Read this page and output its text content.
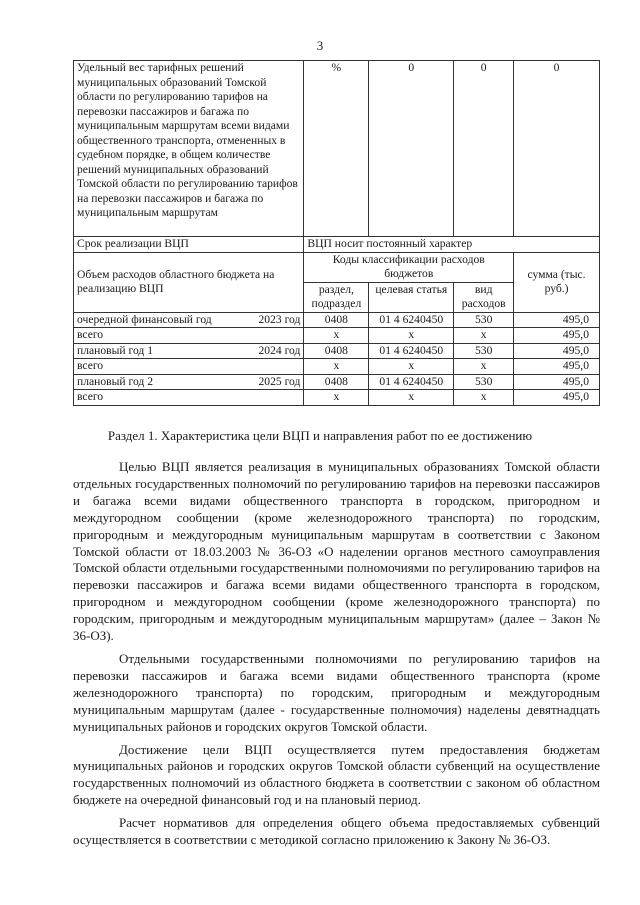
3
Удельный вес тарифных решений муниципальных образований Томской области по регулированию тарифов на перевозки пассажиров и багажа по муниципальным маршрутам всеми видами общественного транспорта, отмененных в судебном порядке, в общем количестве решений муниципальных образований Томской области по регулированию тарифов на перевозки пассажиров и багажа по муниципальным маршрутам	%	0	0	0
Срок реализации ВЦП	ВЦП носит постоянный характер			
Объем расходов областного бюджета на реализацию ВЦП	Коды классификации расходов бюджетов			сумма (тыс. руб.)
	раздел, подраздел	целевая статья	вид расходов	

очередной финансовый год 2023 год	0408	01 4 6240450	530	495,0

всего	х	х	х	495,0

плановый год 1 2024 год	0408	01 4 6240450	530	495,0

всего	х	х	х	495,0

плановый год 2 2025 год	0408	01 4 6240450	530	495,0

всего	х	х	х	495,0
Раздел 1. Характеристика цели ВЦП и направления работ по ее достижению

Целью ВЦП является реализация в муниципальных образованиях Томской области отдельных государственных полномочий по регулированию тарифов на перевозки пассажиров и багажа всеми видами общественного транспорта в городском, пригородном и междугородном сообщении (кроме железнодорожного транспорта) по городским, пригородным и междугородным муниципальным маршрутам в соответствии с Законом Томской области от 18.03.2003 № 36-ОЗ «О наделении органов местного самоуправления Томской области отдельными государственными полномочиями по регулированию тарифов на перевозки пассажиров и багажа всеми видами общественного транспорта в городском, пригородном и междугородном сообщении (кроме железнодорожного транспорта) по городским, пригородным и междугородным муниципальным маршрутам» (далее – Закон № 36-ОЗ).

Отдельными государственными полномочиями по регулированию тарифов на перевозки пассажиров и багажа всеми видами общественного транспорта (кроме железнодорожного транспорта) по городским, пригородным и междугородным муниципальным маршрутам (далее - государственные полномочия) наделены девятнадцать муниципальных районов и городских округов Томской области.

Достижение цели ВЦП осуществляется путем предоставления бюджетам муниципальных районов и городских округов Томской области субвенций на осуществление государственных полномочий из областного бюджета в соответствии с законом об областном бюджете на очередной финансовый год и на плановый период.

Расчет нормативов для определения общего объема предоставляемых субвенций осуществляется в соответствии с методикой согласно приложению к Закону № 36-ОЗ.
